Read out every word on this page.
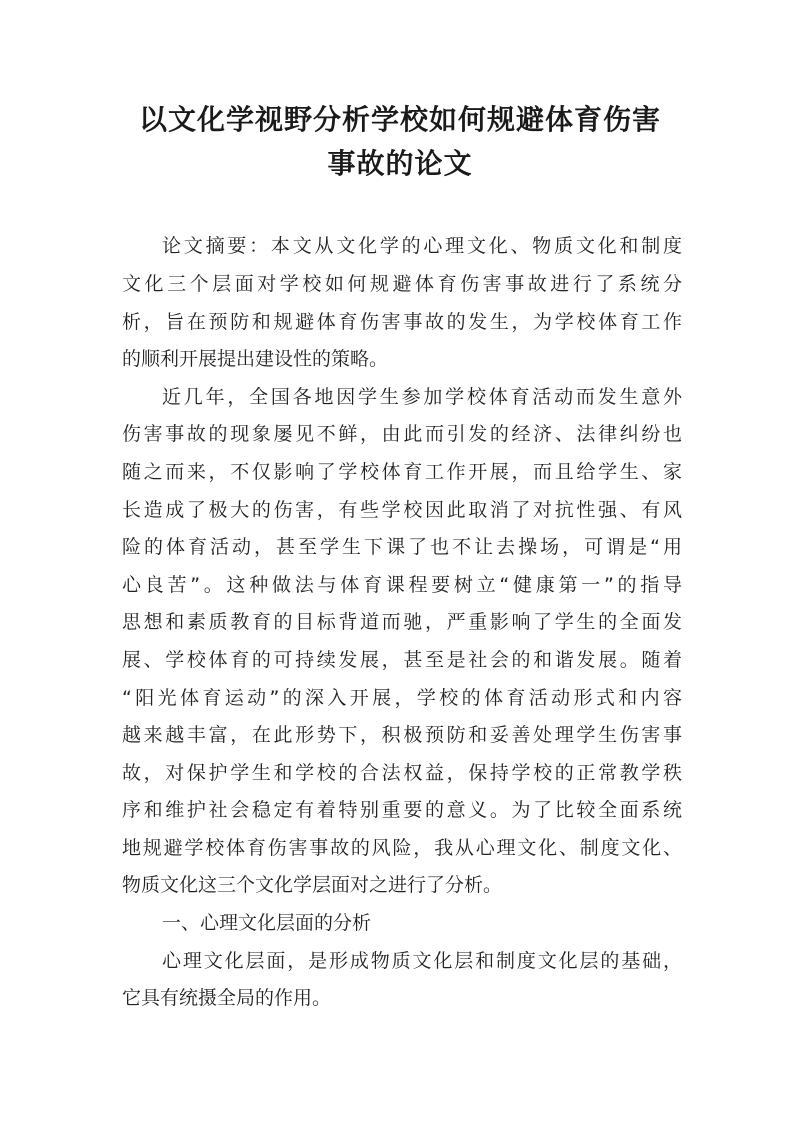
以文化学视野分析学校如何规避体育伤害
事故的论文
论文摘要：本文从文化学的心理文化、物质文化和制度
文化三个层面对学校如何规避体育伤害事故进行了系统分
析，旨在预防和规避体育伤害事故的发生，为学校体育工作
的顺利开展提出建设性的策略。
近几年，全国各地因学生参加学校体育活动而发生意外
伤害事故的现象屡见不鲜，由此而引发的经济、法律纠纷也
随之而来，不仅影响了学校体育工作开展，而且给学生、家
长造成了极大的伤害，有些学校因此取消了对抗性强、有风
险的体育活动，甚至学生下课了也不让去操场，可谓是“用
心良苦”。这种做法与体育课程要树立“健康第一”的指导
思想和素质教育的目标背道而驰，严重影响了学生的全面发
展、学校体育的可持续发展，甚至是社会的和谐发展。随着
“阳光体育运动”的深入开展，学校的体育活动形式和内容
越来越丰富，在此形势下，积极预防和妥善处理学生伤害事
故，对保护学生和学校的合法权益，保持学校的正常教学秩
序和维护社会稳定有着特别重要的意义。为了比较全面系统
地规避学校体育伤害事故的风险，我从心理文化、制度文化、
物质文化这三个文化学层面对之进行了分析。
一、心理文化层面的分析
心理文化层面，是形成物质文化层和制度文化层的基础，
它具有统摄全局的作用。
